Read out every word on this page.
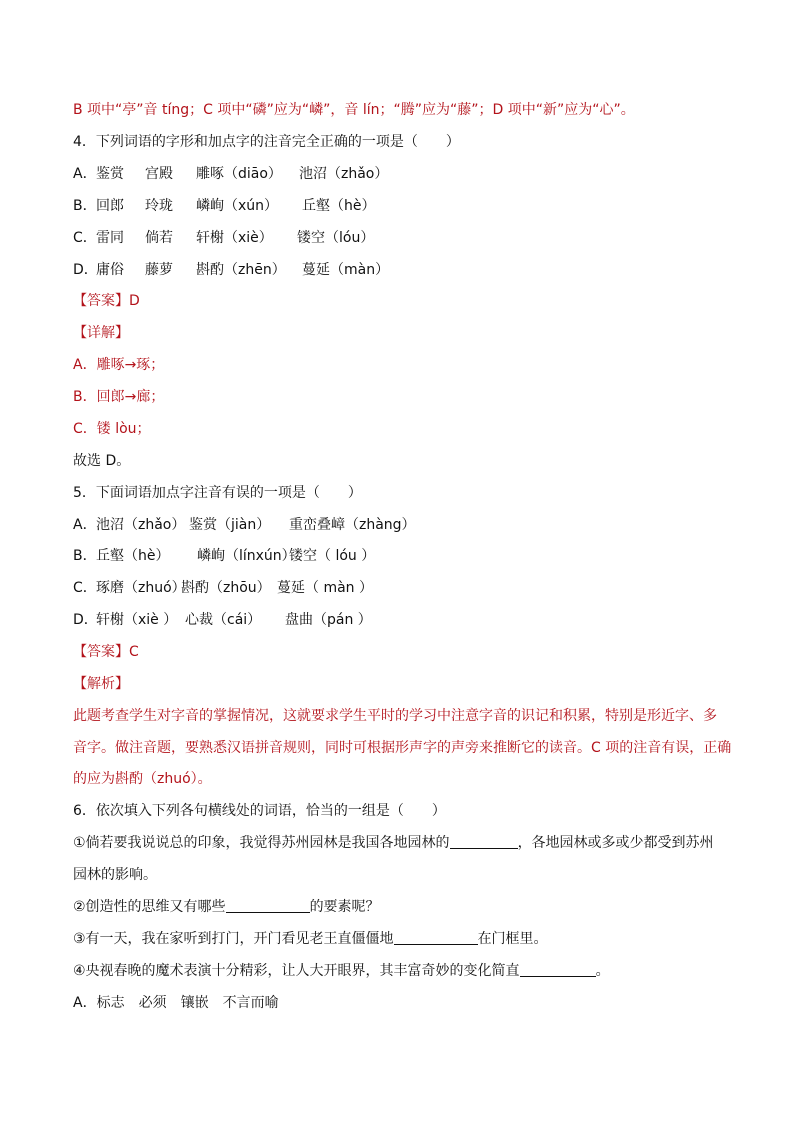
B 项中“亭”音 tíng；C 项中“磷”应为“嶙”，音 lín；“腾”应为“藤”；D 项中“新”应为“心”。
4．下列词语的字形和加点字的注音完全正确的一项是（　　）
A． 鉴赏 宫殿 雕啄（diāo） 池沼（zhǎo）
B． 回郎 玲珑 嶙峋（xún） 丘壑（hè）
C． 雷同 倘若 轩榭（xiè） 镂空（lóu）
D．
庸俗 藤萝 斟酌（zhēn） 蔓延（màn）
【答案】D
【详解】
A．雕啄→琢；
B．回郎→廊；
C．镂 lòu；
故选 D。
5．下面词语加点字注音有误的一项是（　　）
A． 池沼（zhǎo） 鉴赏（jiàn） 重峦叠嶂（zhàng）
B． 丘壑（hè） 嶙峋（línxún）
镂空（ lóu ）
C． 琢磨（zhuó）
斟酌（zhōu） 蔓延（ màn ）
D．
轩榭（xiè ） 心裁（cái） 盘曲（pán ）
【答案】C
【解析】
此题考查学生对字音的掌握情况，这就要求学生平时的学习中注意字音的识记和积累，特别是形近字、多
音字。做注音题，要熟悉汉语拼音规则，同时可根据形声字的声旁来推断它的读音。C 项的注音有误，正确
的应为斟酌（zhuó）。
6．依次填入下列各句横线处的词语，恰当的一组是（　　）
①倘若要我说说总的印象，我觉得苏州园林是我国各地园林的	，各地园林或多或少都受到苏州
园林的影响。
②创造性的思维又有哪些	的要素呢？
③有一天，我在家听到打门，开门看见老王直僵僵地	在门框里。
④央视春晚的魔术表演十分精彩，让人大开眼界，其丰富奇妙的变化简直	。
A．标志　必须　镶嵌　不言而喻
